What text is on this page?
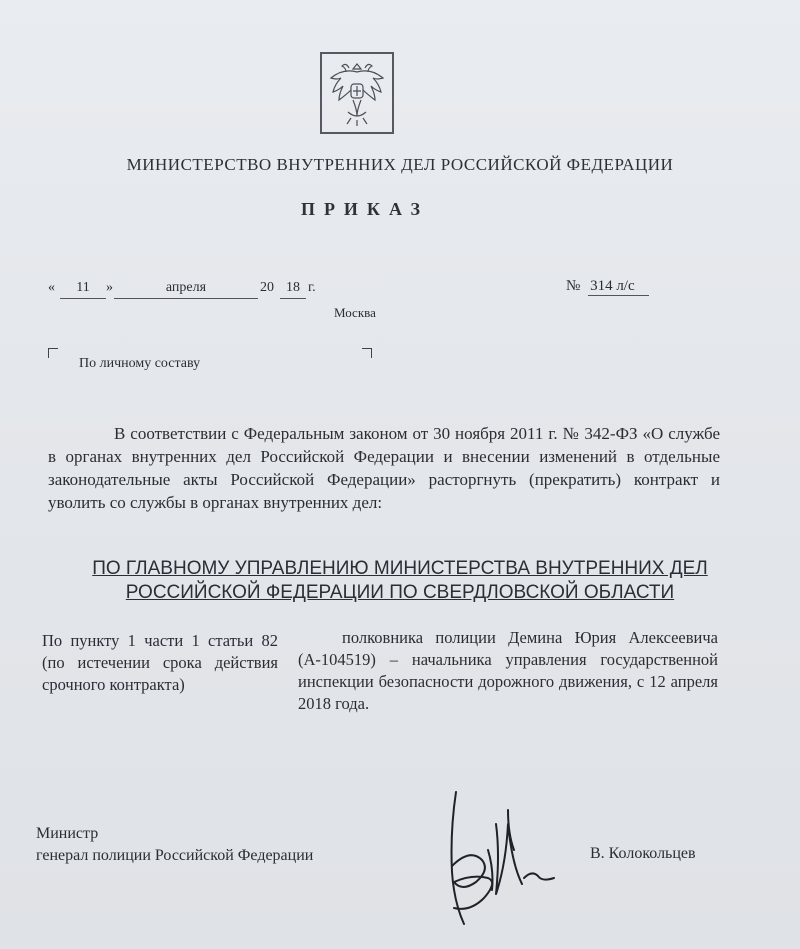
МИНИСТЕРСТВО ВНУТРЕННИХ ДЕЛ РОССИЙСКОЙ ФЕДЕРАЦИИ
ПРИКАЗ
«	11	»	апреля	20 18 г.	№ 314 л/с
Москва
По личному составу

В соответствии с Федеральным законом от 30 ноября 2011 г. № 342-ФЗ «О службе в органах внутренних дел Российской Федерации и внесении изменений в отдельные законодательные акты Российской Федерации» расторгнуть (прекратить) контракт и уволить со службы в органах внутренних дел:

ПО ГЛАВНОМУ УПРАВЛЕНИЮ МИНИСТЕРСТВА ВНУТРЕННИХ ДЕЛ
РОССИЙСКОЙ ФЕДЕРАЦИИ ПО СВЕРДЛОВСКОЙ ОБЛАСТИ
По пункту 1 части 1 статьи 82 (по истечении срока действия срочного контракта)

полковника полиции Демина Юрия Алексеевича (А-104519) – начальника управления государственной инспекции безопасности дорожного движения, с 12 апреля 2018 года.

Министр
генерал полиции Российской Федерации	В. Колокольцев
